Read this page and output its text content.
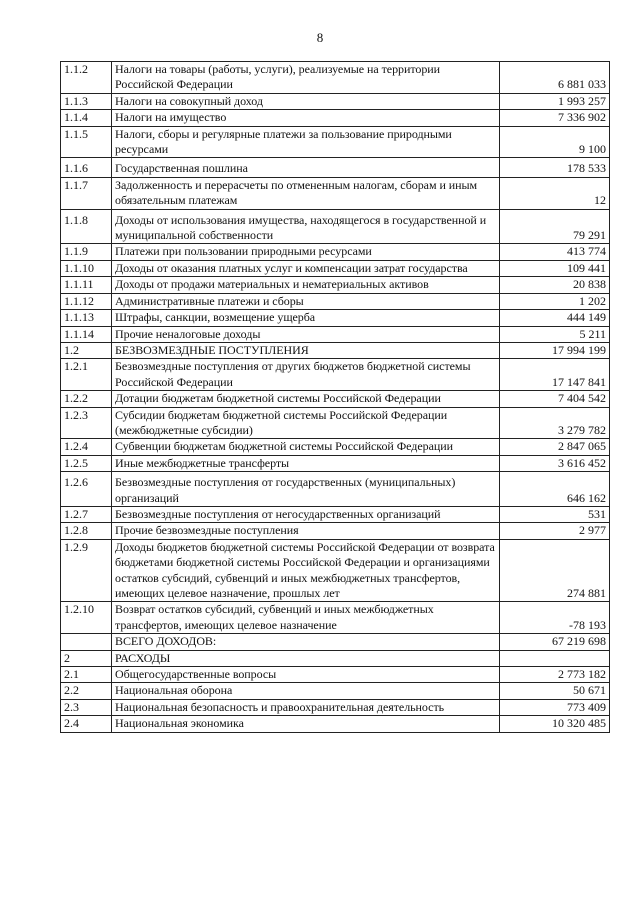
8
1.1.2	Налоги на товары (работы, услуги), реализуемые на территории Российской Федерации	6 881 033
1.1.3	Налоги на совокупный доход	1 993 257
1.1.4	Налоги на имущество	7 336 902
1.1.5	Налоги, сборы и регулярные платежи за пользование природными ресурсами	9 100
1.1.6	Государственная пошлина	178 533
1.1.7	Задолженность и перерасчеты по отмененным налогам, сборам и иным обязательным платежам	12
1.1.8	Доходы от использования имущества, находящегося в государственной и муниципальной собственности	79 291
1.1.9	Платежи при пользовании природными ресурсами	413 774
1.1.10	Доходы от оказания платных услуг и компенсации затрат государства	109 441
1.1.11	Доходы от продажи материальных и нематериальных активов	20 838
1.1.12	Административные платежи и сборы	1 202
1.1.13	Штрафы, санкции, возмещение ущерба	444 149
1.1.14	Прочие неналоговые доходы	5 211
1.2	БЕЗВОЗМЕЗДНЫЕ ПОСТУПЛЕНИЯ	17 994 199
1.2.1	Безвозмездные поступления от других бюджетов бюджетной системы Российской Федерации	17 147 841
1.2.2	Дотации бюджетам бюджетной системы Российской Федерации	7 404 542
1.2.3	Субсидии бюджетам бюджетной системы Российской Федерации (межбюджетные субсидии)	3 279 782
1.2.4	Субвенции бюджетам бюджетной системы Российской Федерации	2 847 065
1.2.5	Иные межбюджетные трансферты	3 616 452
1.2.6	Безвозмездные поступления от государственных (муниципальных) организаций	646 162
1.2.7	Безвозмездные поступления от негосударственных организаций	531
1.2.8	Прочие безвозмездные поступления	2 977
1.2.9	Доходы бюджетов бюджетной системы Российской Федерации от возврата бюджетами бюджетной системы Российской Федерации и организациями остатков субсидий, субвенций и иных межбюджетных трансфертов, имеющих целевое назначение, прошлых лет	274 881
1.2.10	Возврат остатков субсидий, субвенций и иных межбюджетных трансфертов, имеющих целевое назначение	-78 193
	ВСЕГО ДОХОДОВ:	67 219 698
2	РАСХОДЫ	
2.1	Общегосударственные вопросы	2 773 182
2.2	Национальная оборона	50 671
2.3	Национальная безопасность и правоохранительная деятельность	773 409
2.4	Национальная экономика	10 320 485
